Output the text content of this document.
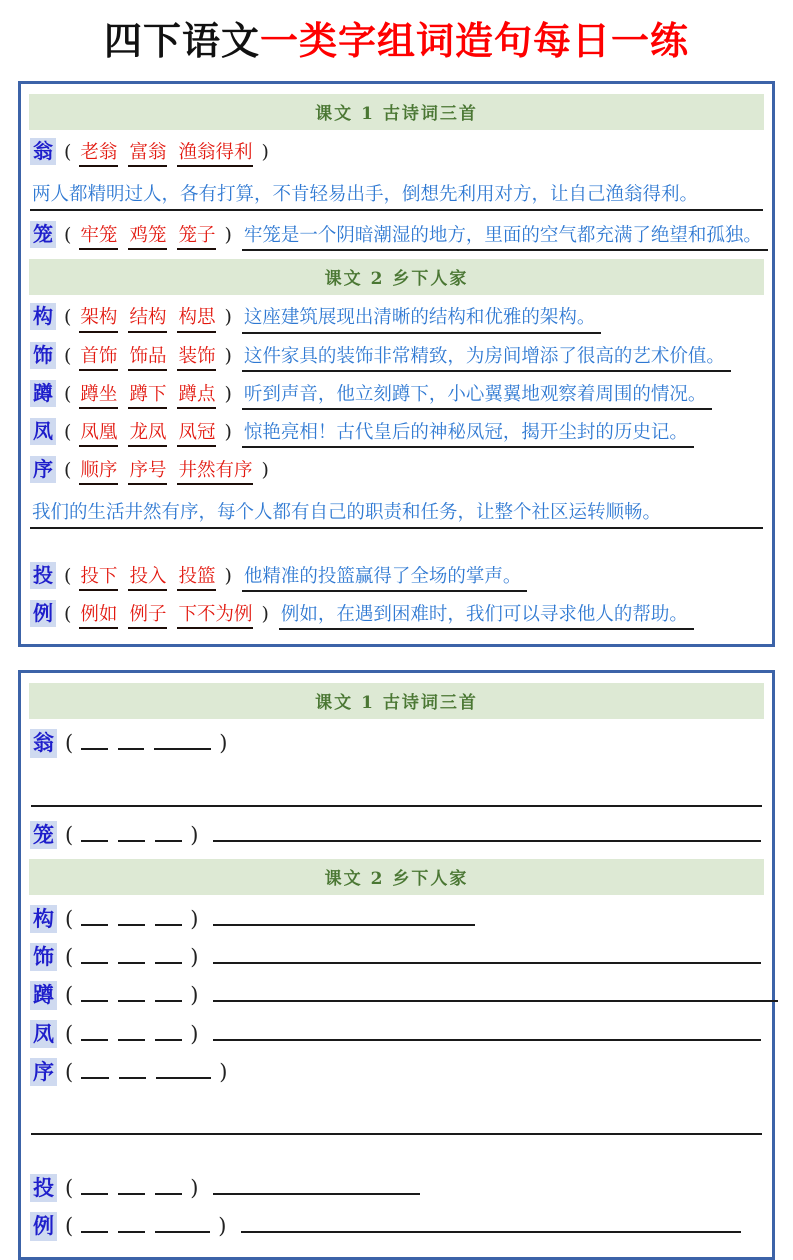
四下语文一类字组词造句每日一练
课文 1 古诗词三首
翁 ( 老翁 富翁 渔翁得利 )
两人都精明过人，各有打算，不肯轻易出手，倒想先利用对方，让自己渔翁得利。
笼 ( 牢笼 鸡笼 笼子 ) 牢笼是一个阴暗潮湿的地方，里面的空气都充满了绝望和孤独。
课文 2 乡下人家
构 ( 架构 结构 构思 ) 这座建筑展现出清晰的结构和优雅的架构。
饰 ( 首饰 饰品 装饰 ) 这件家具的装饰非常精致，为房间增添了很高的艺术价值。
蹲 ( 蹲坐 蹲下 蹲点 ) 听到声音，他立刻蹲下，小心翼翼地观察着周围的情况。
凤 ( 凤凰 龙凤 凤冠 ) 惊艳亮相！古代皇后的神秘凤冠，揭开尘封的历史记。
序 ( 顺序 序号 井然有序 )
我们的生活井然有序，每个人都有自己的职责和任务，让整个社区运转顺畅。
投 ( 投下 投入 投篮 ) 他精准的投篮赢得了全场的掌声。
例 ( 例如 例子 下不为例 ) 例如，在遇到困难时，我们可以寻求他人的帮助。
课文 1 古诗词三首
翁 (	)
笼 (	)
课文 2 乡下人家
构 (	)
饰 (	)
蹲 (	)
凤 (	)
序 (	)
投 (	)
例 (	)
